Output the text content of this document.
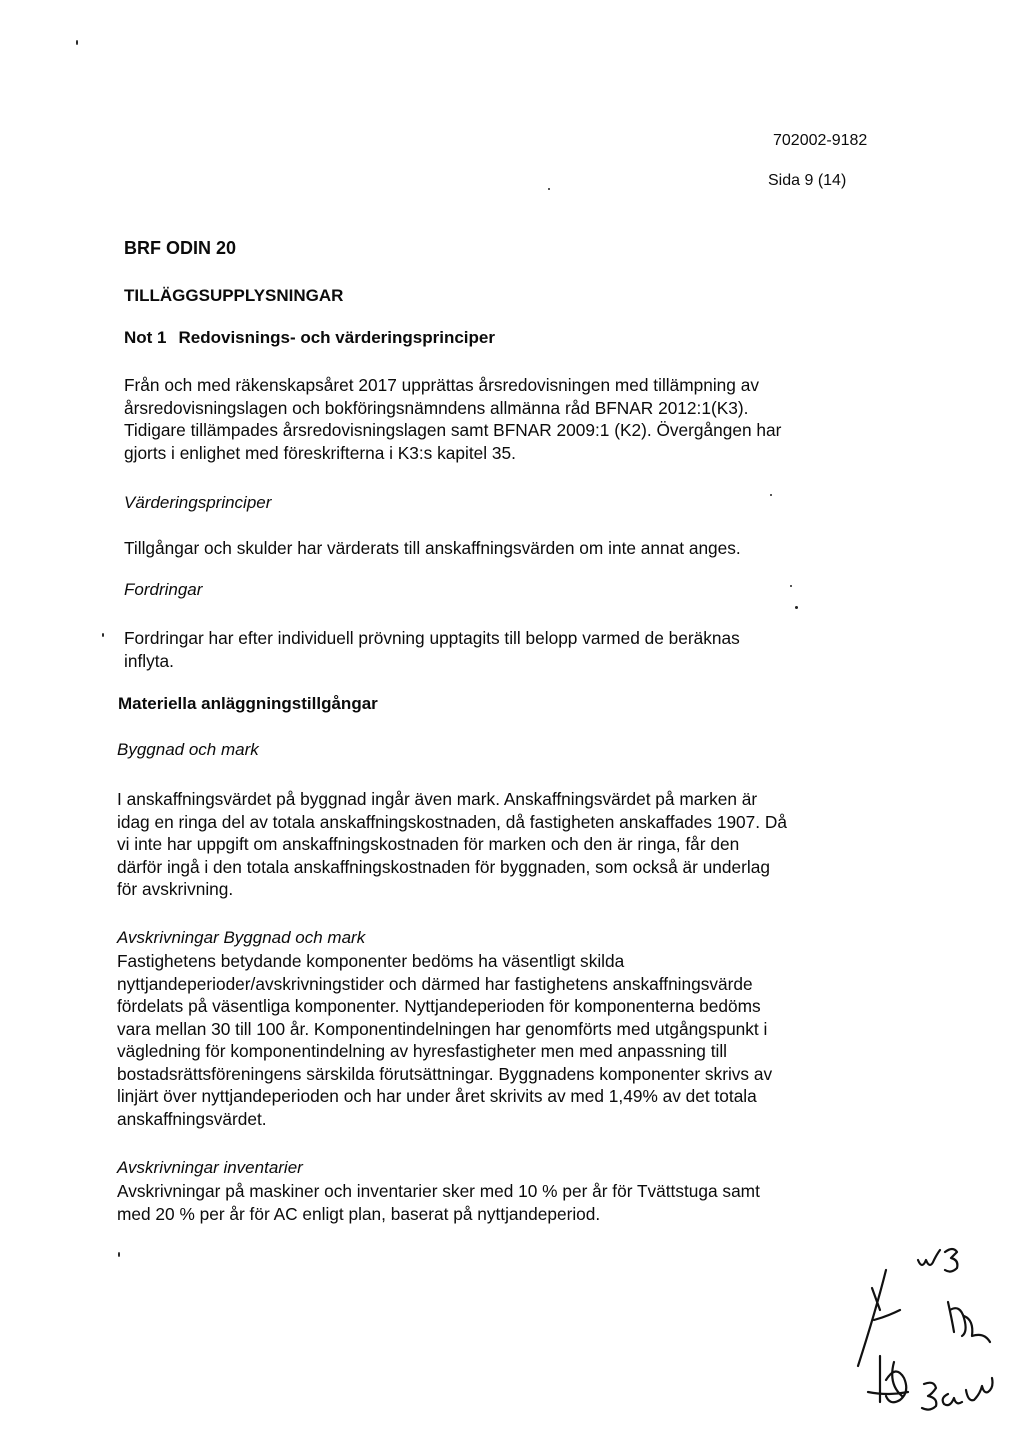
702002-9182
Sida 9 (14)
BRF ODIN 20
TILLÄGGSUPPLYSNINGAR
Not 1 Redovisnings- och värderingsprinciper
Från och med räkenskapsåret 2017 upprättas årsredovisningen med tillämpning av
årsredovisningslagen och bokföringsnämndens allmänna råd BFNAR 2012:1(K3).
Tidigare tillämpades årsredovisningslagen samt BFNAR 2009:1 (K2). Övergången har
gjorts i enlighet med föreskrifterna i K3:s kapitel 35.
Värderingsprinciper
Tillgångar och skulder har värderats till anskaffningsvärden om inte annat anges.
Fordringar
Fordringar har efter individuell prövning upptagits till belopp varmed de beräknas
inflyta.
Materiella anläggningstillgångar
Byggnad och mark
I anskaffningsvärdet på byggnad ingår även mark. Anskaffningsvärdet på marken är
idag en ringa del av totala anskaffningskostnaden, då fastigheten anskaffades 1907. Då
vi inte har uppgift om anskaffningskostnaden för marken och den är ringa, får den
därför ingå i den totala anskaffningskostnaden för byggnaden, som också är underlag
för avskrivning.
Avskrivningar Byggnad och mark
Fastighetens betydande komponenter bedöms ha väsentligt skilda
nyttjandeperioder/avskrivningstider och därmed har fastighetens anskaffningsvärde
fördelats på väsentliga komponenter. Nyttjandeperioden för komponenterna bedöms
vara mellan 30 till 100 år. Komponentindelningen har genomförts med utgångspunkt i
vägledning för komponentindelning av hyresfastigheter men med anpassning till
bostadsrättsföreningens särskilda förutsättningar. Byggnadens komponenter skrivs av
linjärt över nyttjandeperioden och har under året skrivits av med 1,49% av det totala
anskaffningsvärdet.
Avskrivningar inventarier
Avskrivningar på maskiner och inventarier sker med 10 % per år för Tvättstuga samt
med 20 % per år för AC enligt plan, baserat på nyttjandeperiod.
